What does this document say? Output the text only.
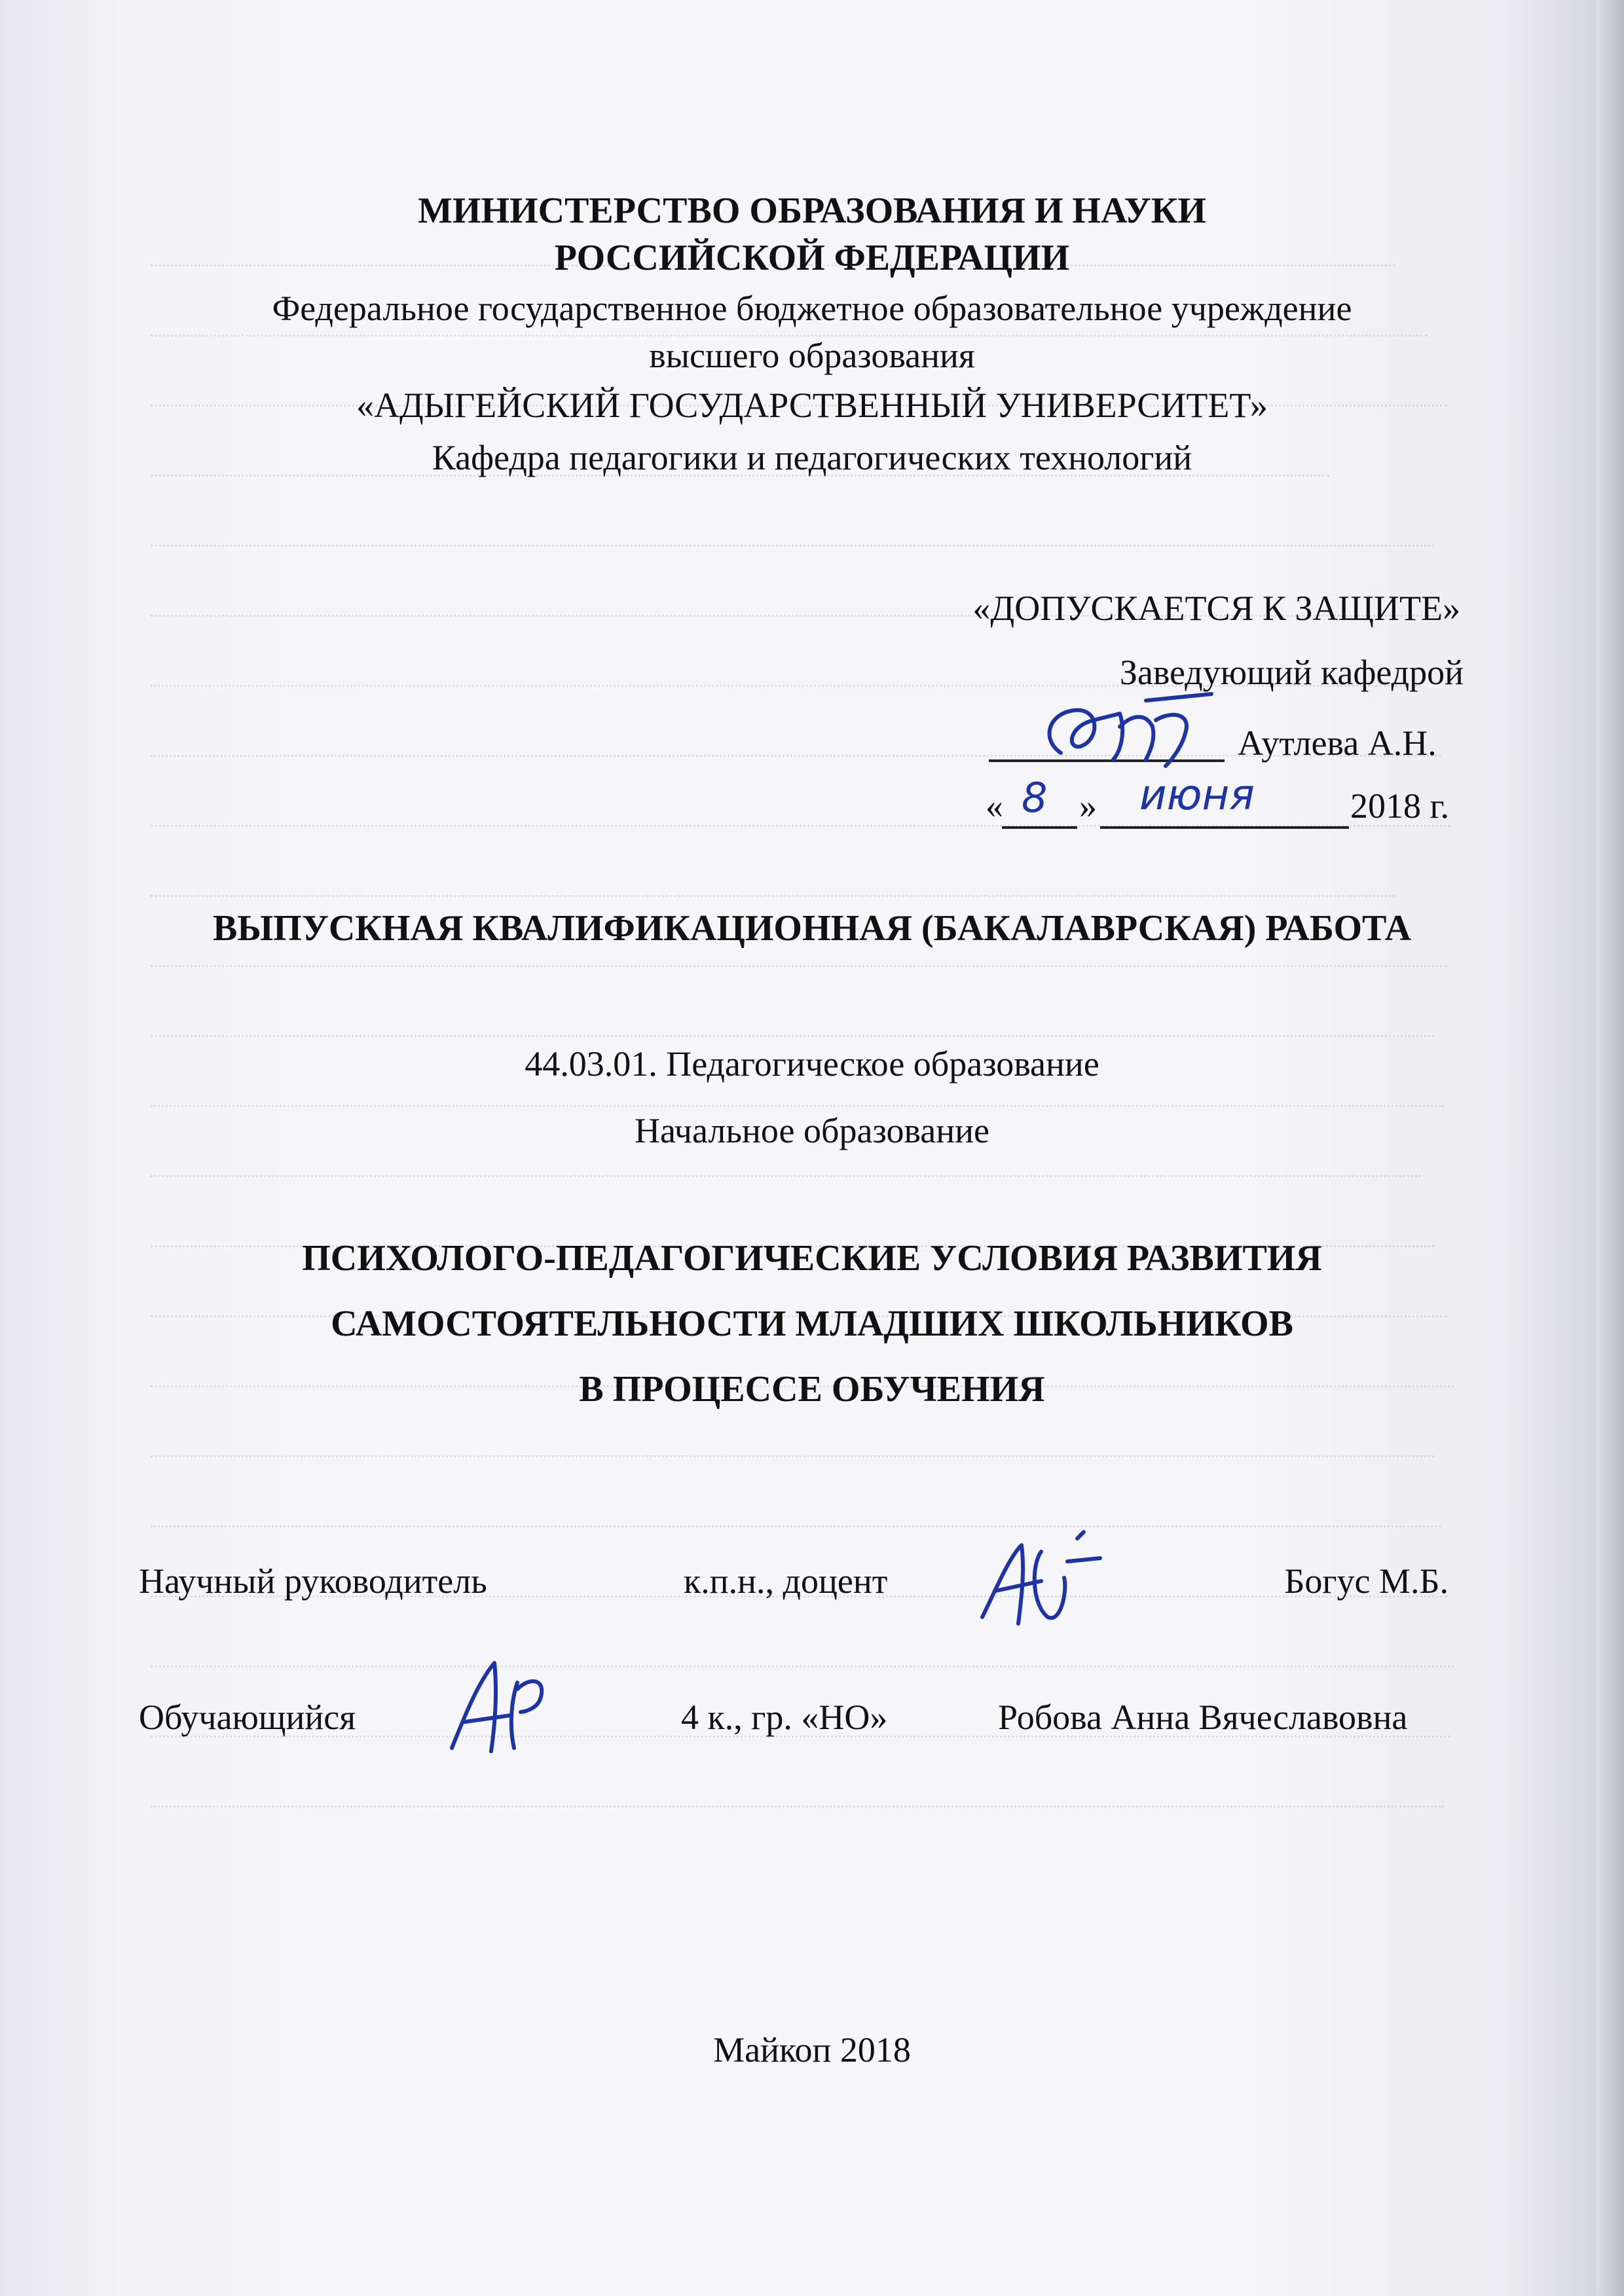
МИНИСТЕРСТВО ОБРАЗОВАНИЯ И НАУКИ
РОССИЙСКОЙ ФЕДЕРАЦИИ
Федеральное государственное бюджетное образовательное учреждение
высшего образования
«АДЫГЕЙСКИЙ ГОСУДАРСТВЕННЫЙ УНИВЕРСИТЕТ»
Кафедра педагогики и педагогических технологий
«ДОПУСКАЕТСЯ К ЗАЩИТЕ»
Заведующий кафедрой
Аутлева А.Н.
« 8 » июня	2018 г.
ВЫПУСКНАЯ КВАЛИФИКАЦИОННАЯ (БАКАЛАВРСКАЯ) РАБОТА
44.03.01. Педагогическое образование
Начальное образование
ПСИХОЛОГО-ПЕДАГОГИЧЕСКИЕ УСЛОВИЯ РАЗВИТИЯ
САМОСТОЯТЕЛЬНОСТИ МЛАДШИХ ШКОЛЬНИКОВ
В ПРОЦЕССЕ ОБУЧЕНИЯ
Научный руководитель	к.п.н., доцент	Богус М.Б.
Обучающийся	4 к., гр. «НО»	Робова Анна Вячеславовна
Майкоп 2018
